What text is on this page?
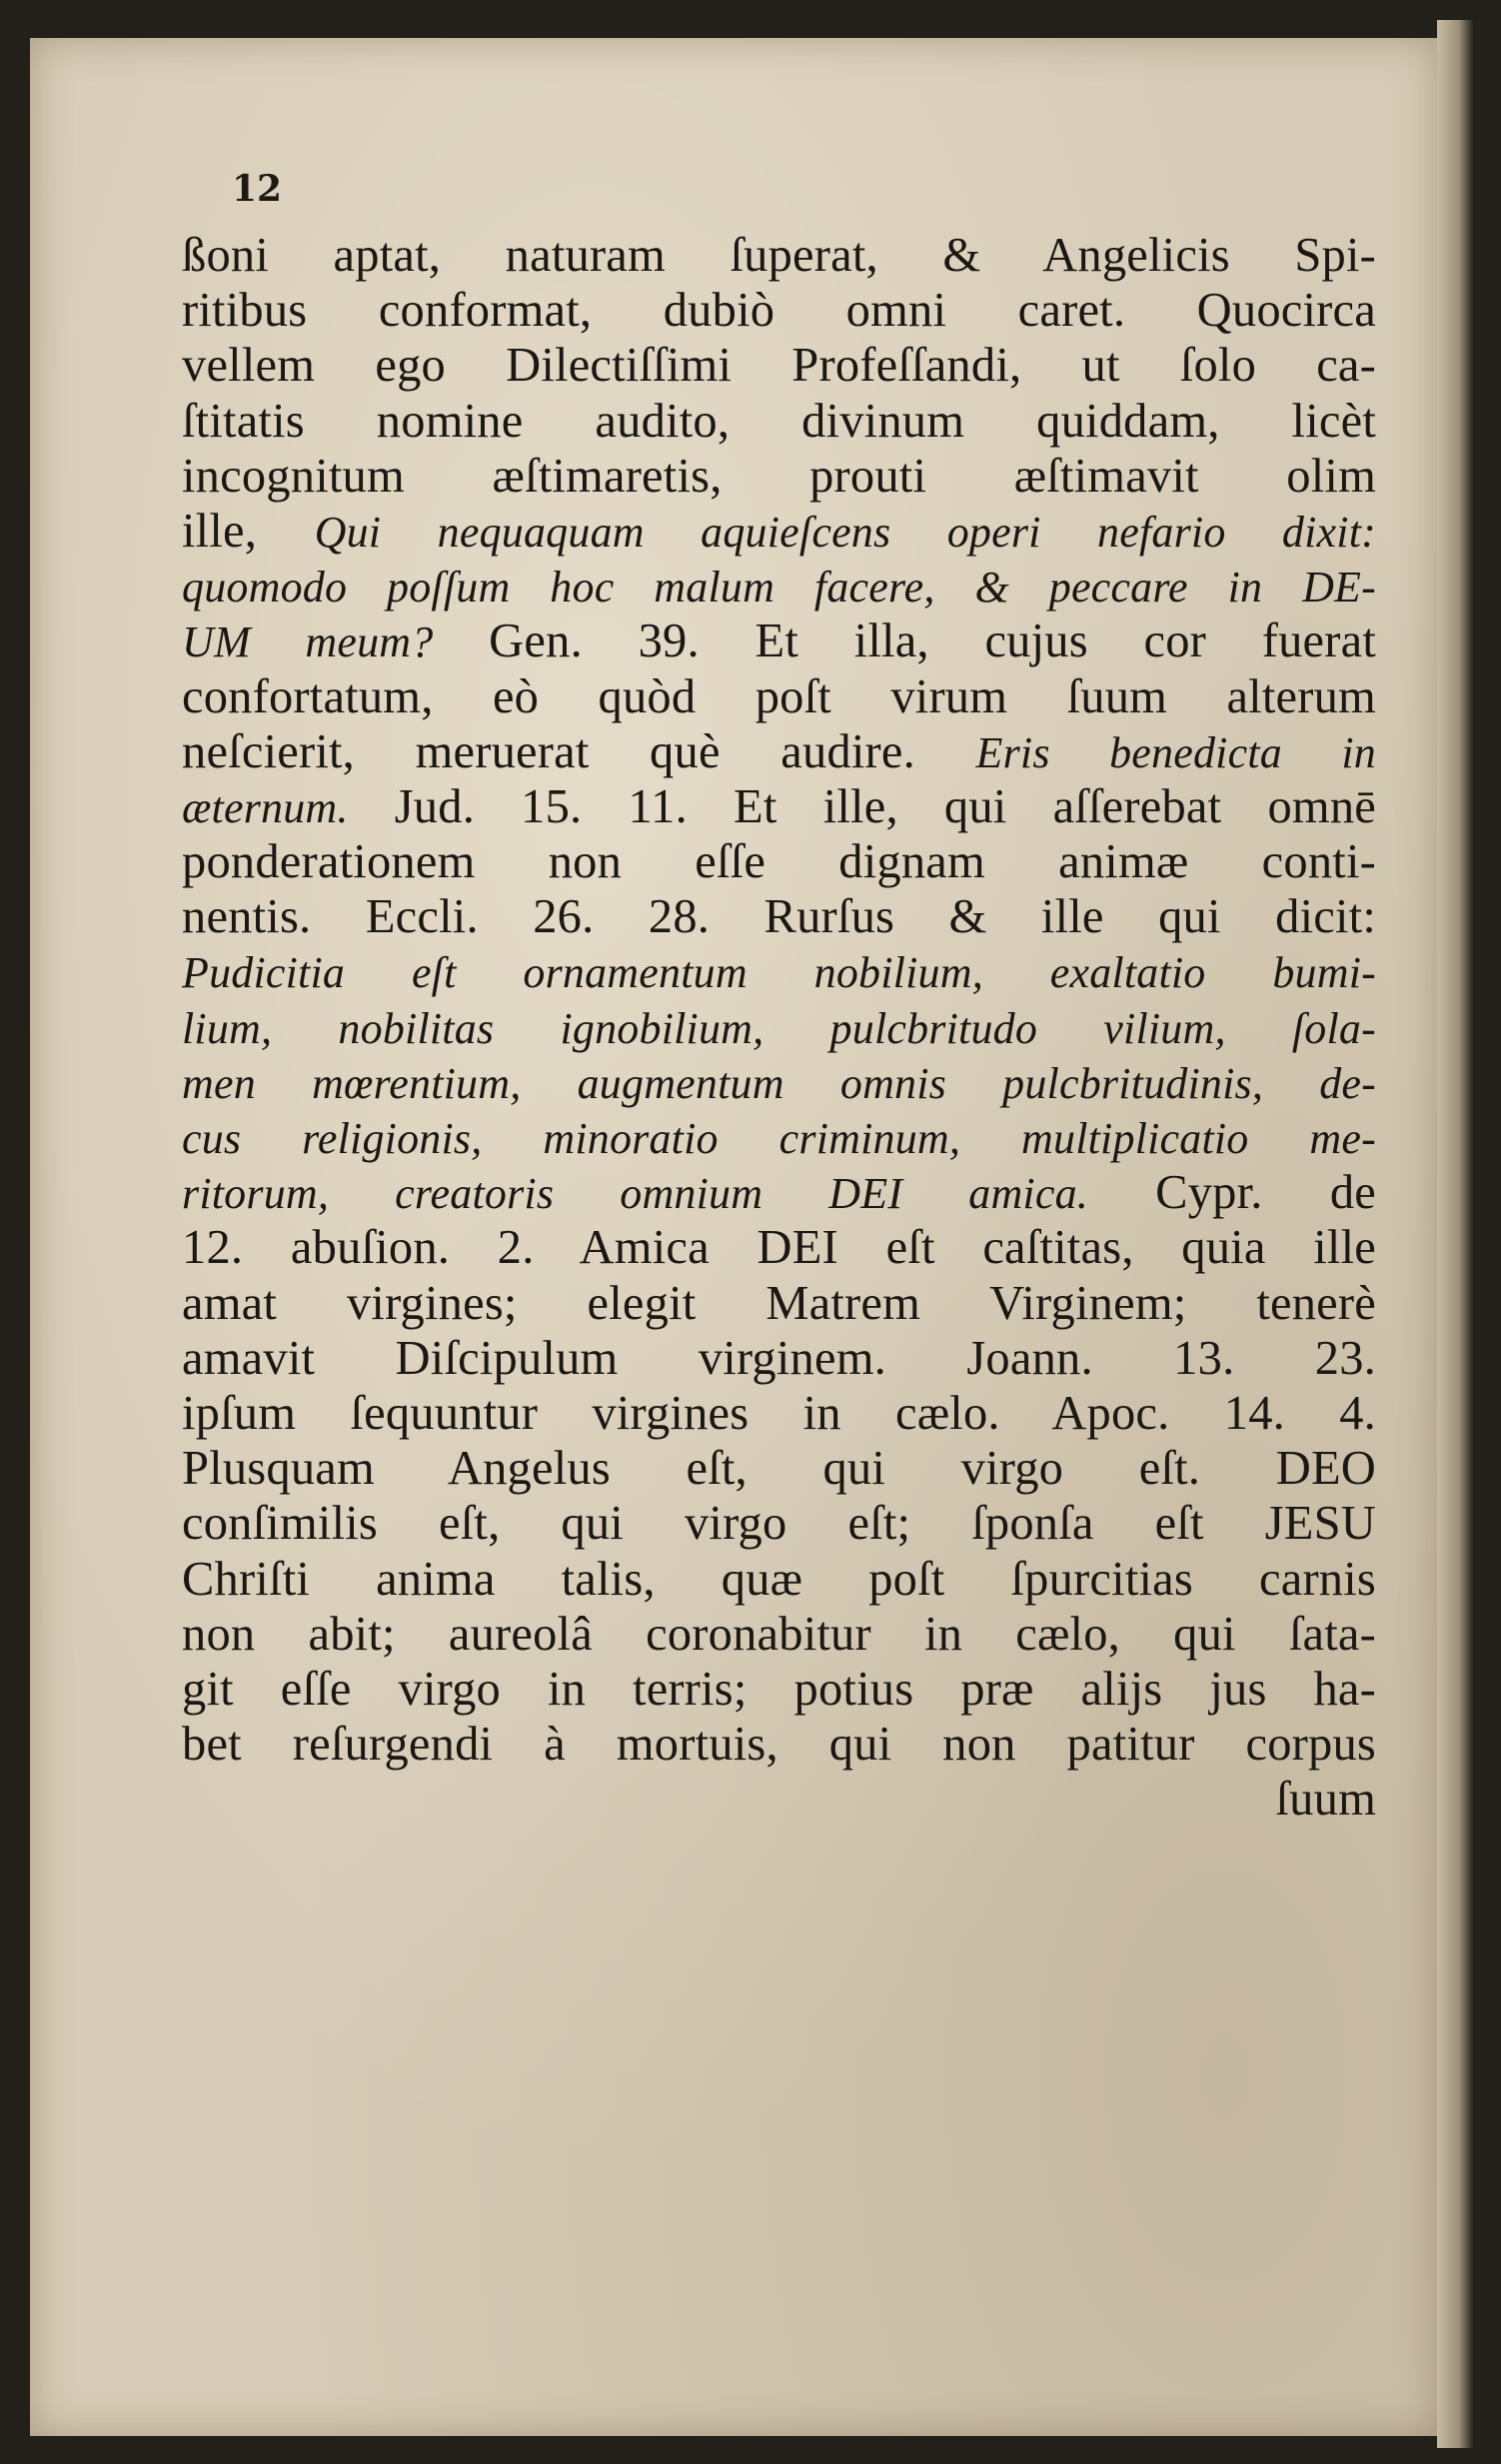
12
ßoni aptat, naturam ſuperat, & Angelicis Spi-
ritibus conformat, dubiò omni caret. Quocirca
vellem ego Dilectiſſimi Profeſſandi, ut ſolo ca-
ſtitatis nomine audito, divinum quiddam, licèt
incognitum æſtimaretis, prouti æſtimavit olim
ille, Qui nequaquam aquieſcens operi nefario dixit:
quomodo poſſum hoc malum facere, & peccare in DE-
UM meum? Gen. 39. Et illa, cujus cor fuerat
confortatum, eò quòd poſt virum ſuum alterum
neſcierit, meruerat què audire. Eris benedicta in
æternum. Jud. 15. 11. Et ille, qui aſſerebat omnē
ponderationem non eſſe dignam animæ conti-
nentis. Eccli. 26. 28. Rurſus & ille qui dicit:
Pudicitia eſt ornamentum nobilium, exaltatio bumi-
lium, nobilitas ignobilium, pulcbritudo vilium, ſola-
men mœrentium, augmentum omnis pulcbritudinis, de-
cus religionis, minoratio criminum, multiplicatio me-
ritorum, creatoris omnium DEI amica. Cypr. de
12. abuſion. 2. Amica DEI eſt caſtitas, quia ille
amat virgines; elegit Matrem Virginem; tenerè
amavit Diſcipulum virginem. Joann. 13. 23.
ipſum ſequuntur virgines in cælo. Apoc. 14. 4.
Plusquam Angelus eſt, qui virgo eſt. DEO
conſimilis eſt, qui virgo eſt; ſponſa eſt JESU
Chriſti anima talis, quæ poſt ſpurcitias carnis
non abit; aureolâ coronabitur in cælo, qui ſata-
git eſſe virgo in terris; potius præ alijs jus ha-
bet reſurgendi à mortuis, qui non patitur corpus
ſuum
